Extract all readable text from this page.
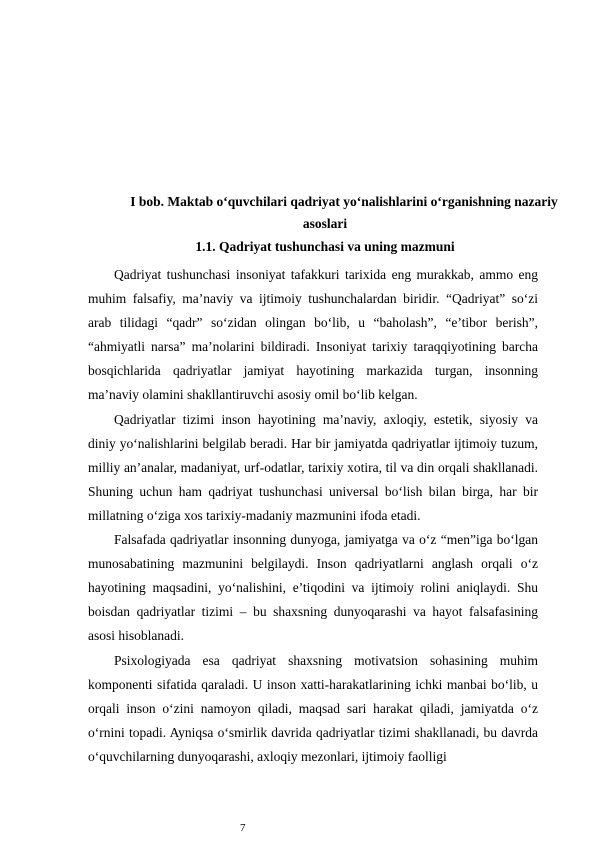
I bob. Maktab o‘quvchilari qadriyat yo‘nalishlarini o‘rganishning nazariy asoslari
1.1. Qadriyat tushunchasi va uning mazmuni

Qadriyat tushunchasi insoniyat tafakkuri tarixida eng murakkab, ammo eng muhim falsafiy, ma’naviy va ijtimoiy tushunchalardan biridir. “Qadriyat” so‘zi arab tilidagi “qadr” so‘zidan olingan bo‘lib, u “baholash”, “e’tibor berish”, “ahmiyatli narsa” ma’nolarini bildiradi. Insoniyat tarixiy taraqqiyotining barcha bosqichlarida qadriyatlar jamiyat hayotining markazida turgan, insonning ma’naviy olamini shakllantiruvchi asosiy omil bo‘lib kelgan.

Qadriyatlar tizimi inson hayotining ma’naviy, axloqiy, estetik, siyosiy va diniy yo‘nalishlarini belgilab beradi. Har bir jamiyatda qadriyatlar ijtimoiy tuzum, milliy an’analar, madaniyat, urf-odatlar, tarixiy xotira, til va din orqali shakllanadi. Shuning uchun ham qadriyat tushunchasi universal bo‘lish bilan birga, har bir millatning o‘ziga xos tarixiy-madaniy mazmunini ifoda etadi.

Falsafada qadriyatlar insonning dunyoga, jamiyatga va o‘z “men”iga bo‘lgan munosabatining mazmunini belgilaydi. Inson qadriyatlarni anglash orqali o‘z hayotining maqsadini, yo‘nalishini, e’tiqodini va ijtimoiy rolini aniqlaydi. Shu boisdan qadriyatlar tizimi – bu shaxsning dunyoqarashi va hayot falsafasining asosi hisoblanadi.

Psixologiyada esa qadriyat shaxsning motivatsion sohasining muhim komponenti sifatida qaraladi. U inson xatti-harakatlarining ichki manbai bo‘lib, u orqali inson o‘zini namoyon qiladi, maqsad sari harakat qiladi, jamiyatda o‘z o‘rnini topadi. Ayniqsa o‘smirlik davrida qadriyatlar tizimi shakllanadi, bu davrda o‘quvchilarning dunyoqarashi, axloqiy mezonlari, ijtimoiy faolligi

7
